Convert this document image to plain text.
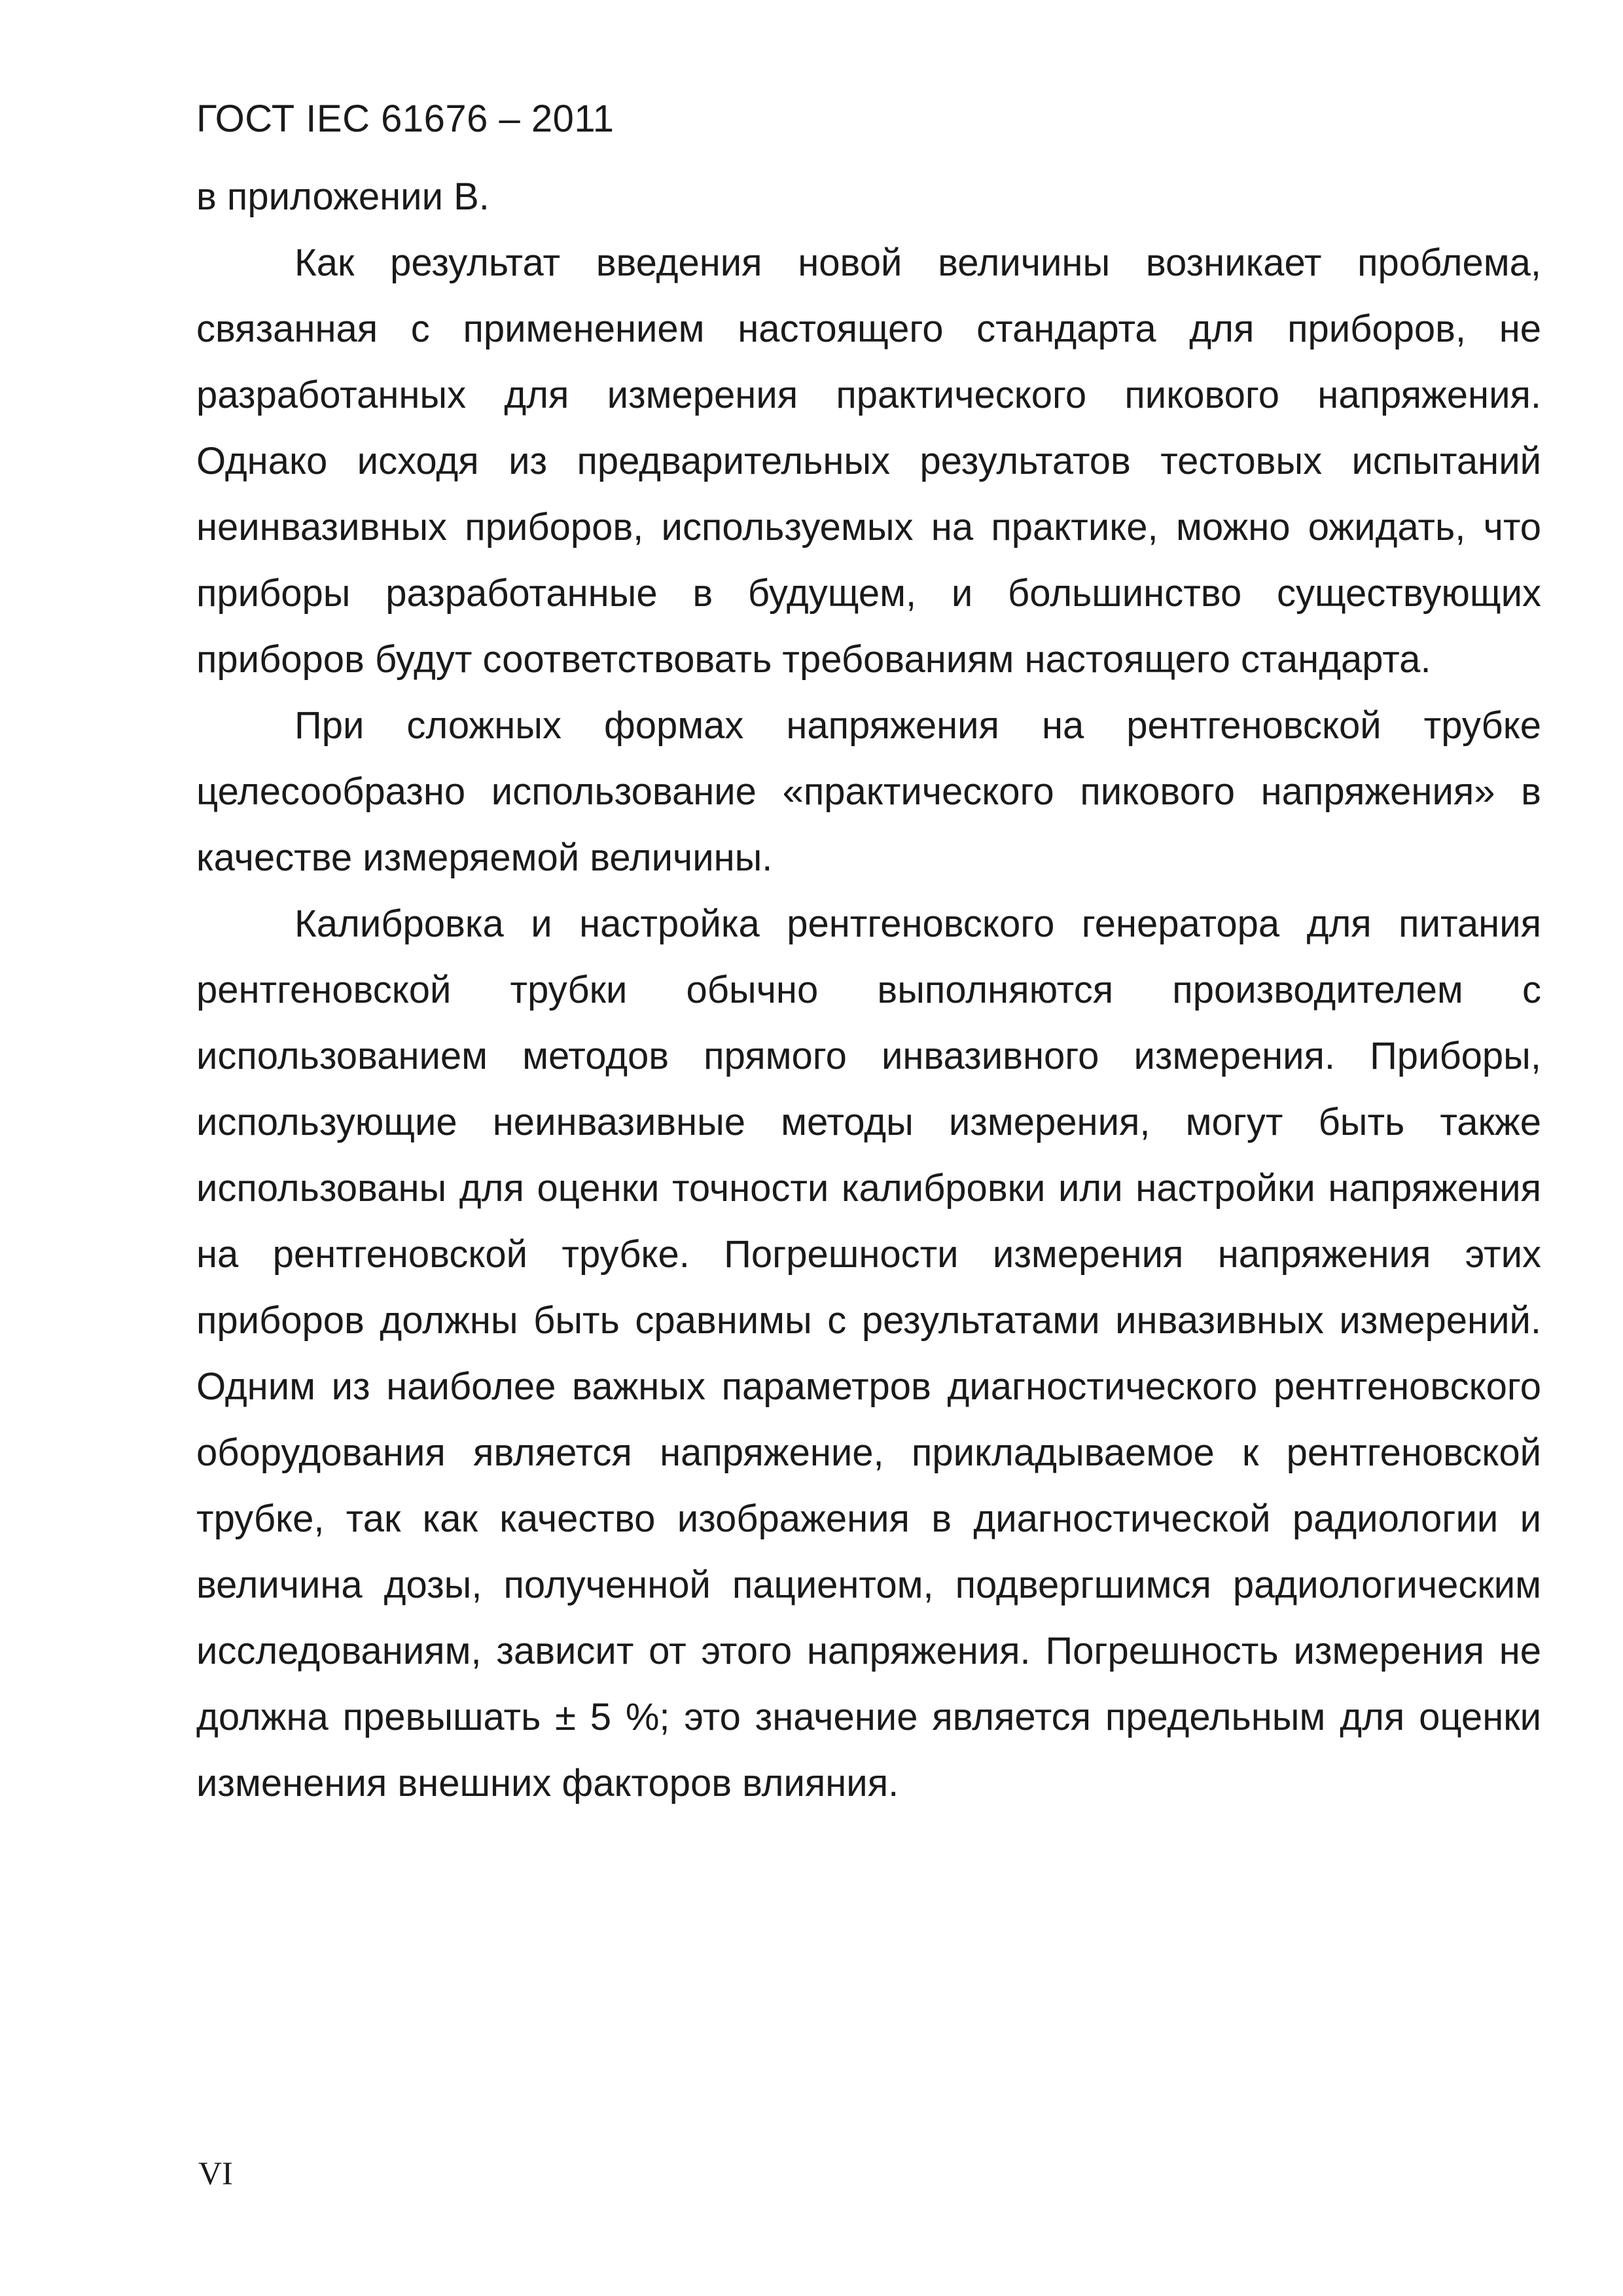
ГОСТ IEC 61676 – 2011

в приложении В.

Как результат введения новой величины возникает проблема, связанная с применением настоящего стандарта для приборов, не разработанных для измерения практического пикового напряжения. Однако исходя из предварительных результатов тестовых испытаний неинвазивных приборов, используемых на практике, можно ожидать, что приборы разработанные в будущем, и большинство существующих приборов будут соответствовать требованиям настоящего стандарта.

При сложных формах напряжения на рентгеновской трубке целесообразно использование «практического пикового напряжения» в качестве измеряемой величины.

Калибровка и настройка рентгеновского генератора для питания рентгеновской трубки обычно выполняются производителем с использованием методов прямого инвазивного измерения. Приборы, использующие неинвазивные методы измерения, могут быть также использованы для оценки точности калибровки или настройки напряжения на рентгеновской трубке. Погрешности измерения напряжения этих приборов должны быть сравнимы с результатами инвазивных измерений. Одним из наиболее важных параметров диагностического рентгеновского оборудования является напряжение, прикладываемое к рентгеновской трубке, так как качество изображения в диагностической радиологии и величина дозы, полученной пациентом, подвергшимся радиологическим исследованиям, зависит от этого напряжения. Погрешность измерения не должна превышать ± 5 %; это значение является предельным для оценки изменения внешних факторов влияния.

VI
